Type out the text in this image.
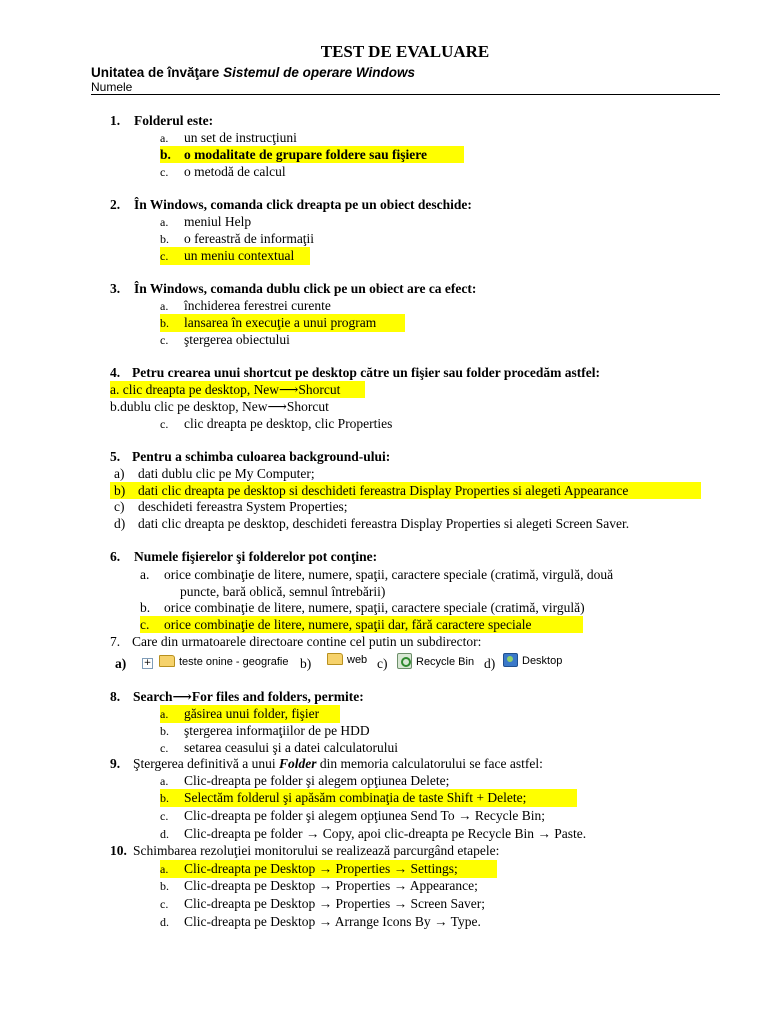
TEST DE EVALUARE
Unitatea de învăţare Sistemul de operare Windows
Numele
1. Folderul este:
a. un set de instrucţiuni
b. o modalitate de grupare foldere sau fişiere
c. o metodă de calcul
2. În Windows, comanda click dreapta pe un obiect deschide:
a. meniul Help
b. o fereastră de informaţii
c. un meniu contextual
3. În Windows, comanda dublu click pe un obiect are ca efect:
a. închiderea ferestrei curente
b. lansarea în execuţie a unui program
c. ştergerea obiectului
4. Petru crearea unui shortcut pe desktop către un fişier sau folder procedăm astfel:
a. clic dreapta pe desktop, New⟶Shorcut
b.dublu clic pe desktop, New⟶Shorcut
c. clic dreapta pe desktop, clic Properties
5. Pentru a schimba culoarea background-ului:
a) dati dublu clic pe My Computer;
b) dati clic dreapta pe desktop si deschideti fereastra Display Properties si alegeti Appearance
c) deschideti fereastra System Properties;
d) dati clic dreapta pe desktop, deschideti fereastra Display Properties si alegeti Screen Saver.
6. Numele fişierelor şi folderelor pot conţine:
a. orice combinaţie de litere, numere, spaţii, caractere speciale (cratimă, virgulă, două
puncte, bară oblică, semnul întrebării)
b. orice combinaţie de litere, numere, spaţii, caractere speciale (cratimă, virgulă)
c. orice combinaţie de litere, numere, spaţii dar, fără caractere speciale
7. Care din urmatoarele directoare contine cel putin un subdirector:
a) +	teste onine - geografie b)	web c)	Recycle Bin d)	Desktop
8. Search⟶For files and folders, permite:
a. găsirea unui folder, fişier
b. ştergerea informaţiilor de pe HDD
c. setarea ceasului şi a datei calculatorului
9. Ştergerea definitivă a unui Folder din memoria calculatorului se face astfel:
a. Clic-dreapta pe folder şi alegem opţiunea Delete;
b. Selectăm folderul şi apăsăm combinaţia de taste Shift + Delete;
c. Clic-dreapta pe folder şi alegem opţiunea Send To → Recycle Bin;
d. Clic-dreapta pe folder → Copy, apoi clic-dreapta pe Recycle Bin → Paste.
10. Schimbarea rezoluţiei monitorului se realizează parcurgând etapele:
a. Clic-dreapta pe Desktop → Properties → Settings;
b. Clic-dreapta pe Desktop → Properties → Appearance;
c. Clic-dreapta pe Desktop → Properties → Screen Saver;
d. Clic-dreapta pe Desktop → Arrange Icons By → Type.
